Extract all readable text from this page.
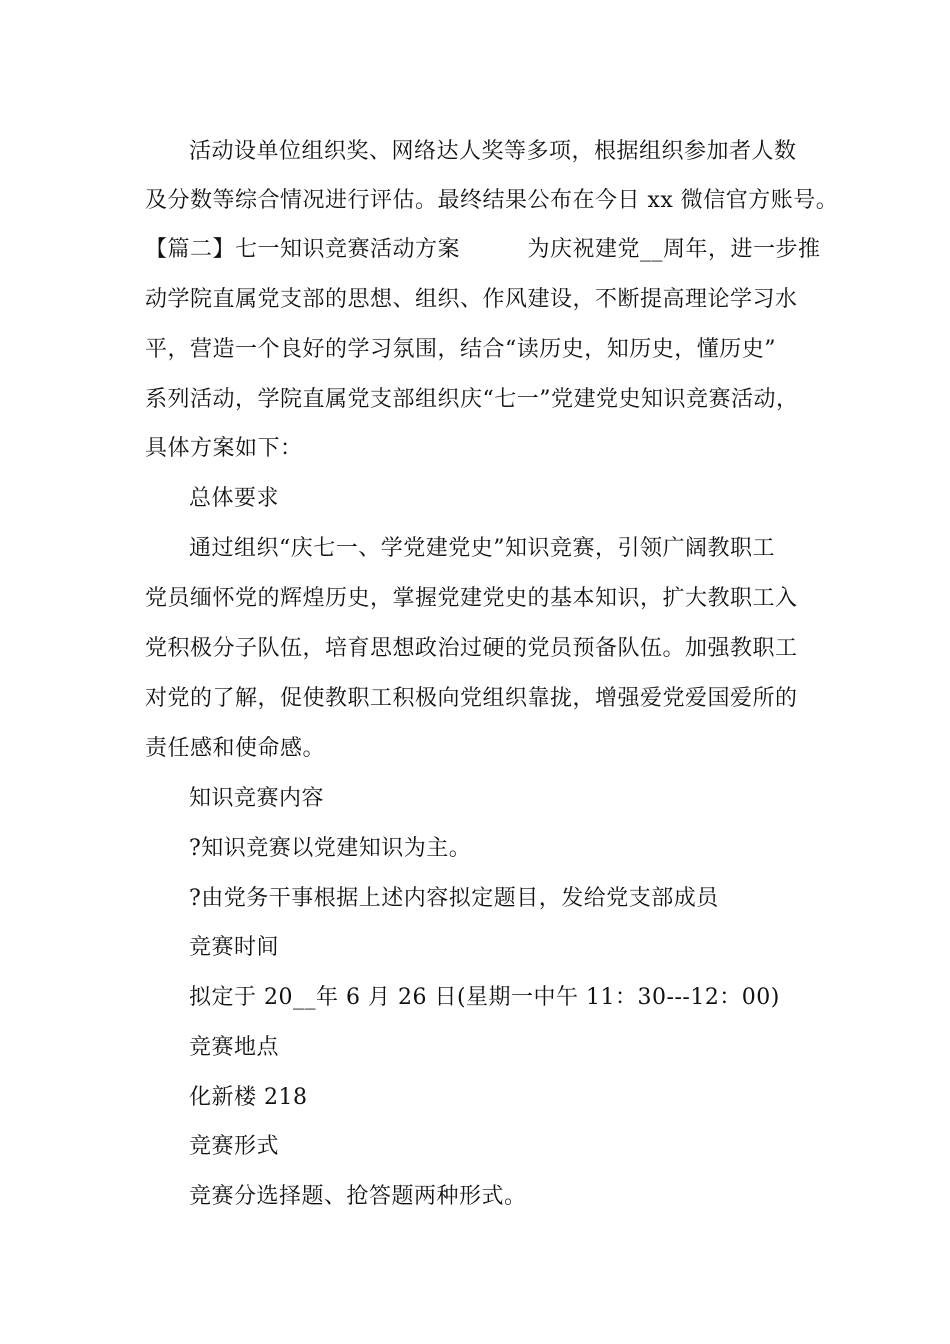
活动设单位组织奖、网络达人奖等多项，根据组织参加者人数
及分数等综合情况进行评估。最终结果公布在今日 xx 微信官方账号。
【篇二】七一知识竞赛活动方案　　　为庆祝建党__周年，进一步推
动学院直属党支部的思想、组织、作风建设，不断提高理论学习水
平，营造一个良好的学习氛围，结合“读历史，知历史，懂历史”
系列活动，学院直属党支部组织庆“七一”党建党史知识竞赛活动，
具体方案如下：
总体要求
通过组织“庆七一、学党建党史”知识竞赛，引领广阔教职工
党员缅怀党的辉煌历史，掌握党建党史的基本知识，扩大教职工入
党积极分子队伍，培育思想政治过硬的党员预备队伍。加强教职工
对党的了解，促使教职工积极向党组织靠拢，增强爱党爱国爱所的
责任感和使命感。
知识竞赛内容
?知识竞赛以党建知识为主。
?由党务干事根据上述内容拟定题目，发给党支部成员
竞赛时间
拟定于 20__年 6 月 26 日(星期一中午 11：30---12：00)
竞赛地点
化新楼 218
竞赛形式
竞赛分选择题、抢答题两种形式。
